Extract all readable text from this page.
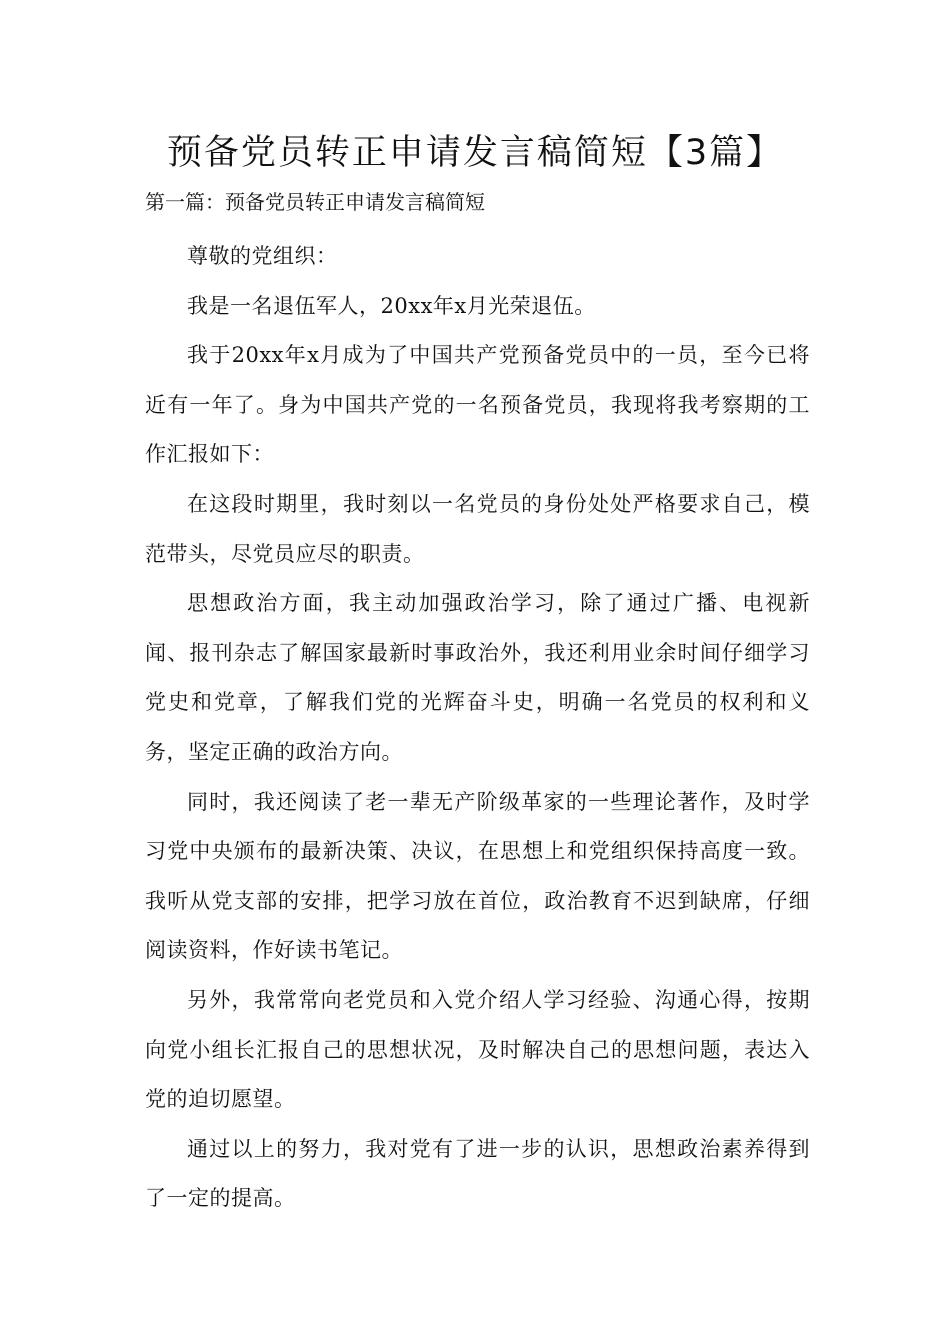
预备党员转正申请发言稿简短【3篇】
第一篇：预备党员转正申请发言稿简短

尊敬的党组织：

我是一名退伍军人，20xx年x月光荣退伍。

我于20xx年x月成为了中国共产党预备党员中的一员，至今已将近有一年了。身为中国共产党的一名预备党员，我现将我考察期的工作汇报如下：

在这段时期里，我时刻以一名党员的身份处处严格要求自己，模范带头，尽党员应尽的职责。

思想政治方面，我主动加强政治学习，除了通过广播、电视新闻、报刊杂志了解国家最新时事政治外，我还利用业余时间仔细学习党史和党章，了解我们党的光辉奋斗史，明确一名党员的权利和义务，坚定正确的政治方向。

同时，我还阅读了老一辈无产阶级革家的一些理论著作，及时学习党中央颁布的最新决策、决议，在思想上和党组织保持高度一致。我听从党支部的安排，把学习放在首位，政治教育不迟到缺席，仔细阅读资料，作好读书笔记。

另外，我常常向老党员和入党介绍人学习经验、沟通心得，按期向党小组长汇报自己的思想状况，及时解决自己的思想问题，表达入党的迫切愿望。

通过以上的努力，我对党有了进一步的认识，思想政治素养得到了一定的提高。
